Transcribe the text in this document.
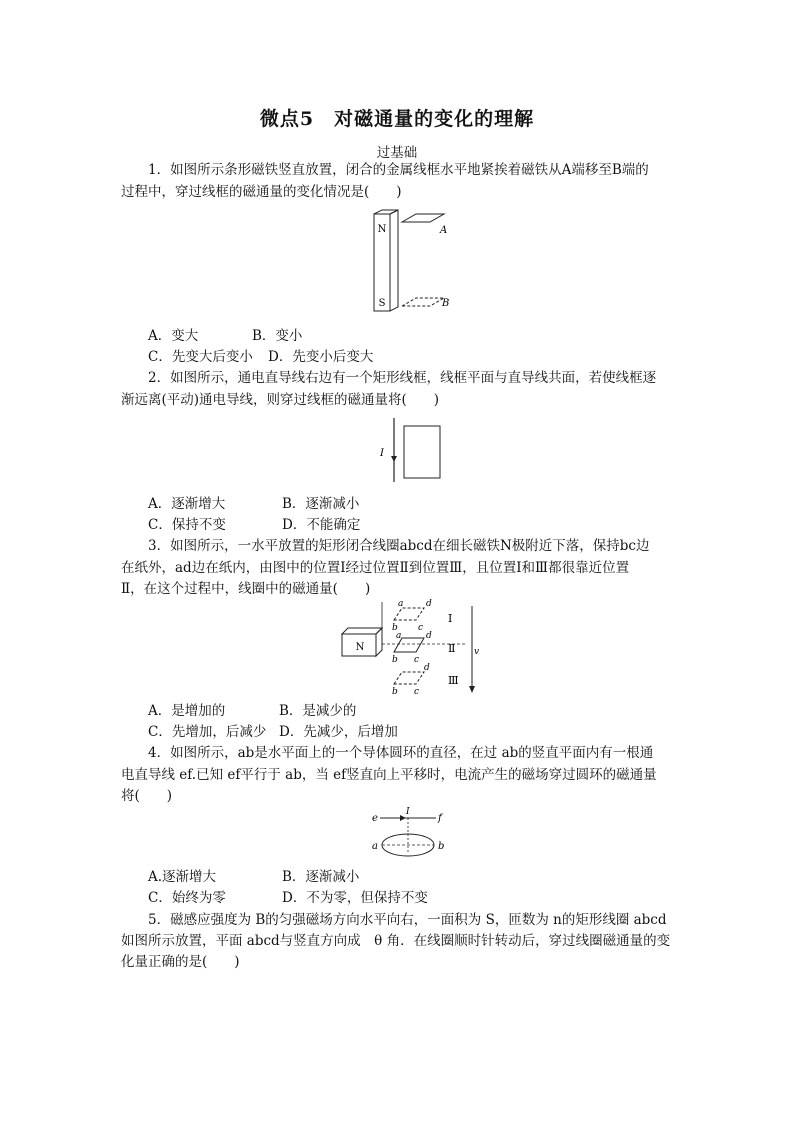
微点5　对磁通量的变化的理解
过基础
1．如图所示条形磁铁竖直放置，闭合的金属线框水平地紧挨着磁铁从A端移至B端的
过程中，穿过线框的磁通量的变化情况是(　　)
N
S
A
B
A．变大	B．变小
C．先变大后变小 D．先变小后变大
2．如图所示，通电直导线右边有一个矩形线框，线框平面与直导线共面，若使线框逐
渐远离(平动)通电导线，则穿过线框的磁通量将(　　)
I
A．逐渐增大	B．逐渐减小
C．保持不变	D．不能确定
3．如图所示，一水平放置的矩形闭合线圈abcd在细长磁铁N极附近下落，保持bc边
在纸外，ad边在纸内，由图中的位置Ⅰ经过位置Ⅱ到位置Ⅲ，且位置Ⅰ和Ⅲ都很靠近位置
Ⅱ，在这个过程中，线圈中的磁通量(　　)
N
a	d
b c
a	d
b c
d
b c
Ⅰ
Ⅱ
Ⅲ
v
A．是增加的	B．是减少的
C．先增加，后减少 D．先减少，后增加
4．如图所示，ab是水平面上的一个导体圆环的直径，在过 ab的竖直平面内有一根通
电直导线 ef.已知 ef平行于 ab，当 ef竖直向上平移时，电流产生的磁场穿过圆环的磁通量
将(　　)
e	f
I
a	b
A.逐渐增大	B．逐渐减小
C．始终为零	D．不为零，但保持不变
5．磁感应强度为 B的匀强磁场方向水平向右，一面积为 S，匝数为 n的矩形线圈 abcd
如图所示放置，平面 abcd与竖直方向成　θ 角．在线圈顺时针转动后，穿过线圈磁通量的变
化量正确的是(　　)
